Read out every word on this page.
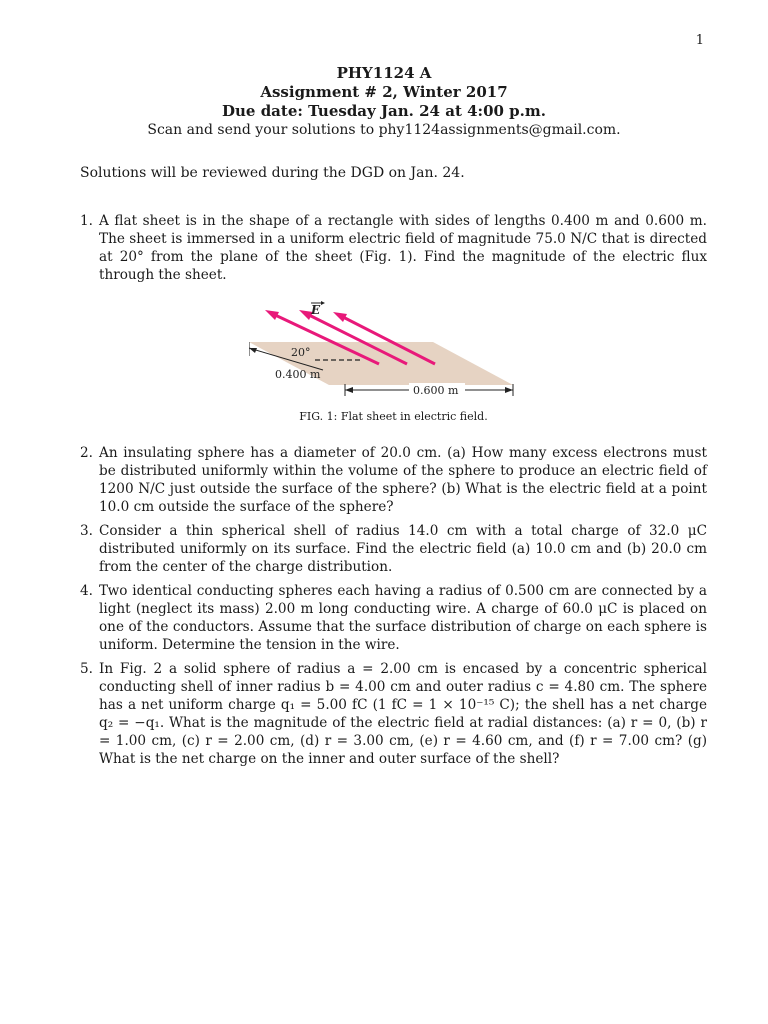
1
PHY1124 A
Assignment # 2, Winter 2017
Due date: Tuesday Jan. 24 at 4:00 p.m.
Scan and send your solutions to phy1124assignments@gmail.com.
Solutions will be reviewed during the DGD on Jan. 24.
1. A flat sheet is in the shape of a rectangle with sides of lengths 0.400 m and 0.600 m. The sheet is immersed in a uniform electric field of magnitude 75.0 N/C that is directed at 20° from the plane of the sheet (Fig. 1). Find the magnitude of the electric flux through the sheet.
E
20°
0.400 m
0.600 m
FIG. 1: Flat sheet in electric field.
2. An insulating sphere has a diameter of 20.0 cm. (a) How many excess electrons must be distributed uniformly within the volume of the sphere to produce an electric field of 1200 N/C just outside the surface of the sphere? (b) What is the electric field at a point 10.0 cm outside the surface of the sphere?
3. Consider a thin spherical shell of radius 14.0 cm with a total charge of 32.0 μC distributed uniformly on its surface. Find the electric field (a) 10.0 cm and (b) 20.0 cm from the center of the charge distribution.
4. Two identical conducting spheres each having a radius of 0.500 cm are connected by a light (neglect its mass) 2.00 m long conducting wire. A charge of 60.0 μC is placed on one of the conductors. Assume that the surface distribution of charge on each sphere is uniform. Determine the tension in the wire.
5. In Fig. 2 a solid sphere of radius a = 2.00 cm is encased by a concentric spherical conducting shell of inner radius b = 4.00 cm and outer radius c = 4.80 cm. The sphere has a net uniform charge q₁ = 5.00 fC (1 fC = 1 × 10⁻¹⁵ C); the shell has a net charge q₂ = −q₁. What is the magnitude of the electric field at radial distances: (a) r = 0, (b) r = 1.00 cm, (c) r = 2.00 cm, (d) r = 3.00 cm, (e) r = 4.60 cm, and (f) r = 7.00 cm? (g) What is the net charge on the inner and outer surface of the shell?
